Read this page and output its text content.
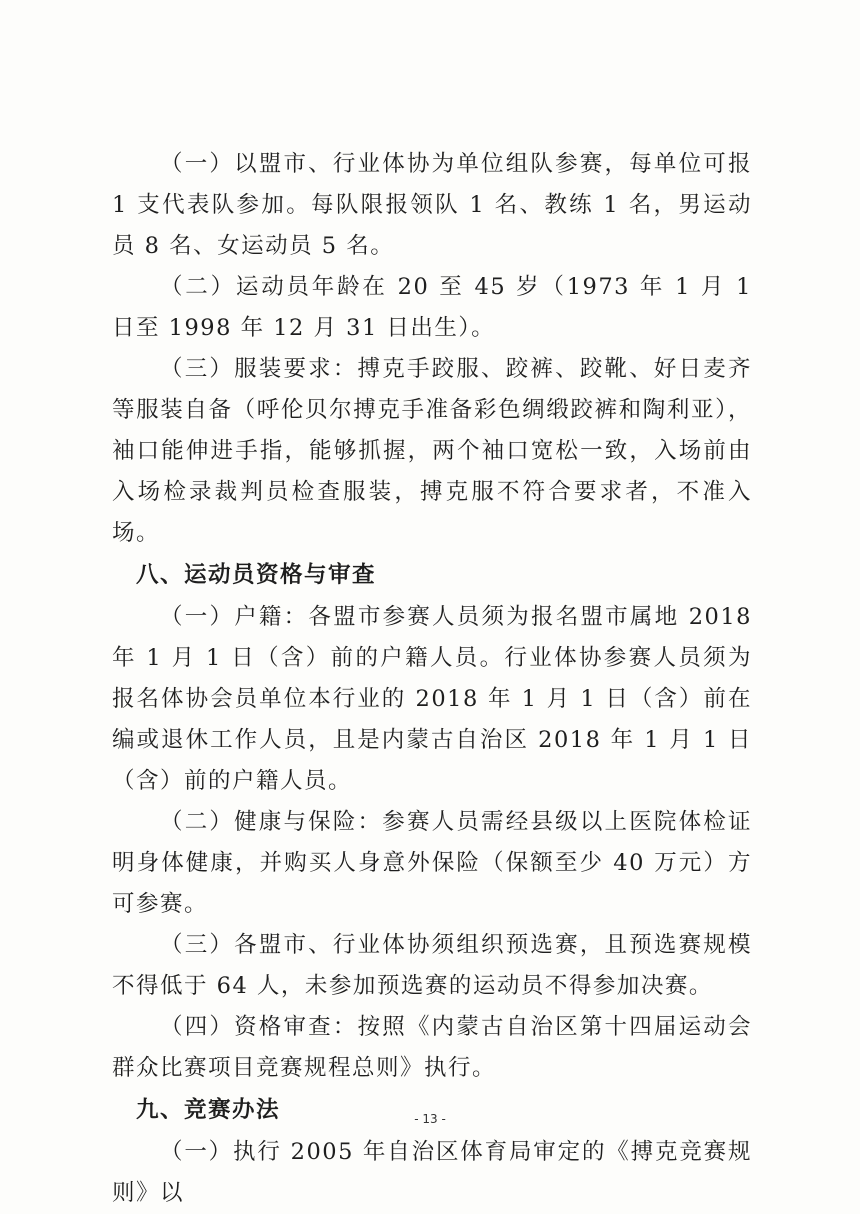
（一）以盟市、行业体协为单位组队参赛，每单位可报 1 支代表队参加。每队限报领队 1 名、教练 1 名，男运动员 8 名、女运动员 5 名。

（二）运动员年龄在 20 至 45 岁（1973 年 1 月 1 日至 1998 年 12 月 31 日出生）。

（三）服装要求：搏克手跤服、跤裤、跤靴、好日麦齐等服装自备（呼伦贝尔搏克手准备彩色绸缎跤裤和陶利亚），袖口能伸进手指，能够抓握，两个袖口宽松一致，入场前由入场检录裁判员检查服装，搏克服不符合要求者，不准入场。

八、运动员资格与审查

（一）户籍：各盟市参赛人员须为报名盟市属地 2018 年 1 月 1 日（含）前的户籍人员。行业体协参赛人员须为报名体协会员单位本行业的 2018 年 1 月 1 日（含）前在编或退休工作人员，且是内蒙古自治区 2018 年 1 月 1 日（含）前的户籍人员。

（二）健康与保险：参赛人员需经县级以上医院体检证明身体健康，并购买人身意外保险（保额至少 40 万元）方可参赛。

（三）各盟市、行业体协须组织预选赛，且预选赛规模不得低于 64 人，未参加预选赛的运动员不得参加决赛。

（四）资格审查：按照《内蒙古自治区第十四届运动会群众比赛项目竞赛规程总则》执行。

九、竞赛办法

（一）执行 2005 年自治区体育局审定的《搏克竞赛规则》以

- 13 -
